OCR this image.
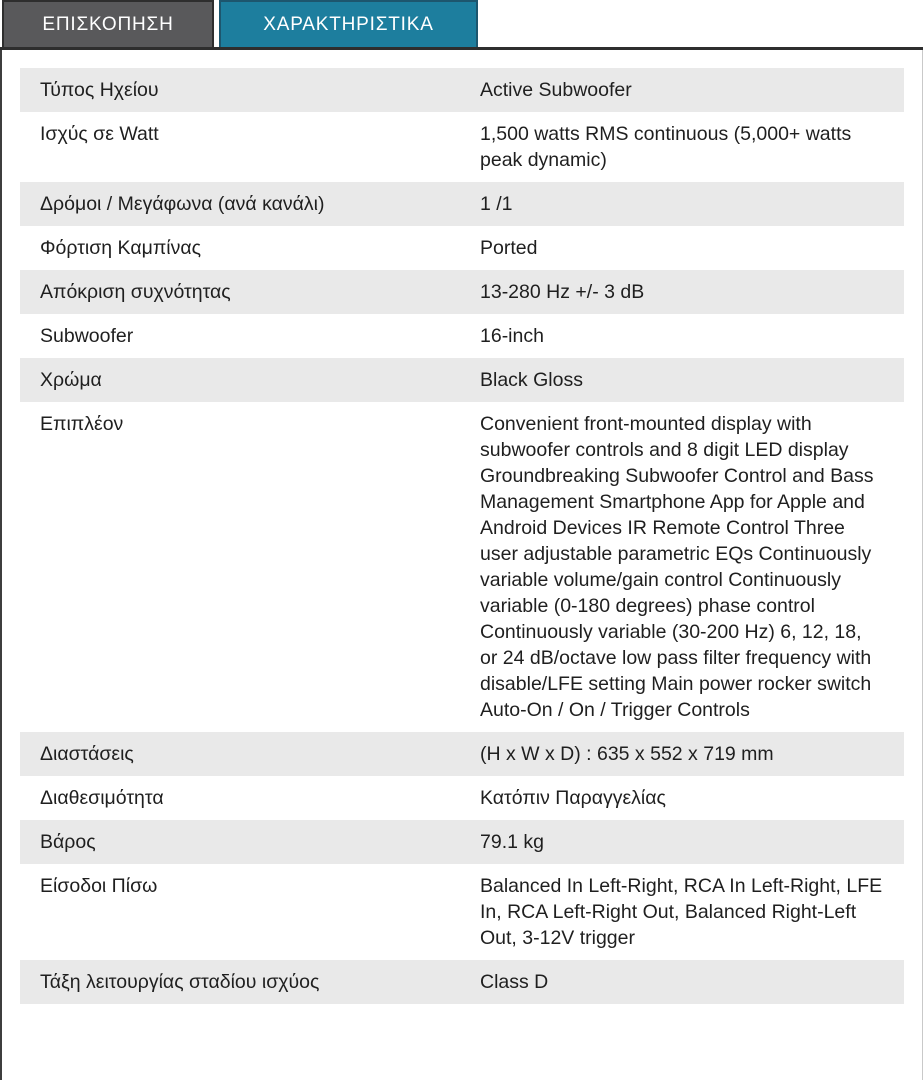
ΕΠΙΣΚΟΠΗΣΗ	ΧΑΡΑΚΤΗΡΙΣΤΙΚΑ
Τύπος Ηχείου	Active Subwoofer
Ισχύς σε Watt	1,500 watts RMS continuous (5,000+ watts peak dynamic)
Δρόμοι / Μεγάφωνα (ανά κανάλι)	1 /1
Φόρτιση Καμπίνας	Ported
Απόκριση συχνότητας	13-280 Hz +/- 3 dB
Subwoofer	16-inch
Χρώμα	Black Gloss
Επιπλέον	Convenient front-mounted display with subwoofer controls and 8 digit LED display Groundbreaking Subwoofer Control and Bass Management Smartphone App for Apple and Android Devices IR Remote Control Three user adjustable parametric EQs Continuously variable volume/gain control Continuously variable (0-180 degrees) phase control Continuously variable (30-200 Hz) 6, 12, 18, or 24 dB/octave low pass filter frequency with disable/LFE setting Main power rocker switch Auto-On / On / Trigger Controls
Διαστάσεις	(H x W x D) : 635 x 552 x 719 mm
Διαθεσιμότητα	Κατόπιν Παραγγελίας
Βάρος	79.1 kg
Είσοδοι Πίσω	Balanced In Left-Right, RCA In Left-Right, LFE In, RCA Left-Right Out, Balanced Right-Left Out, 3-12V trigger
Τάξη λειτουργίας σταδίου ισχύος	Class D
